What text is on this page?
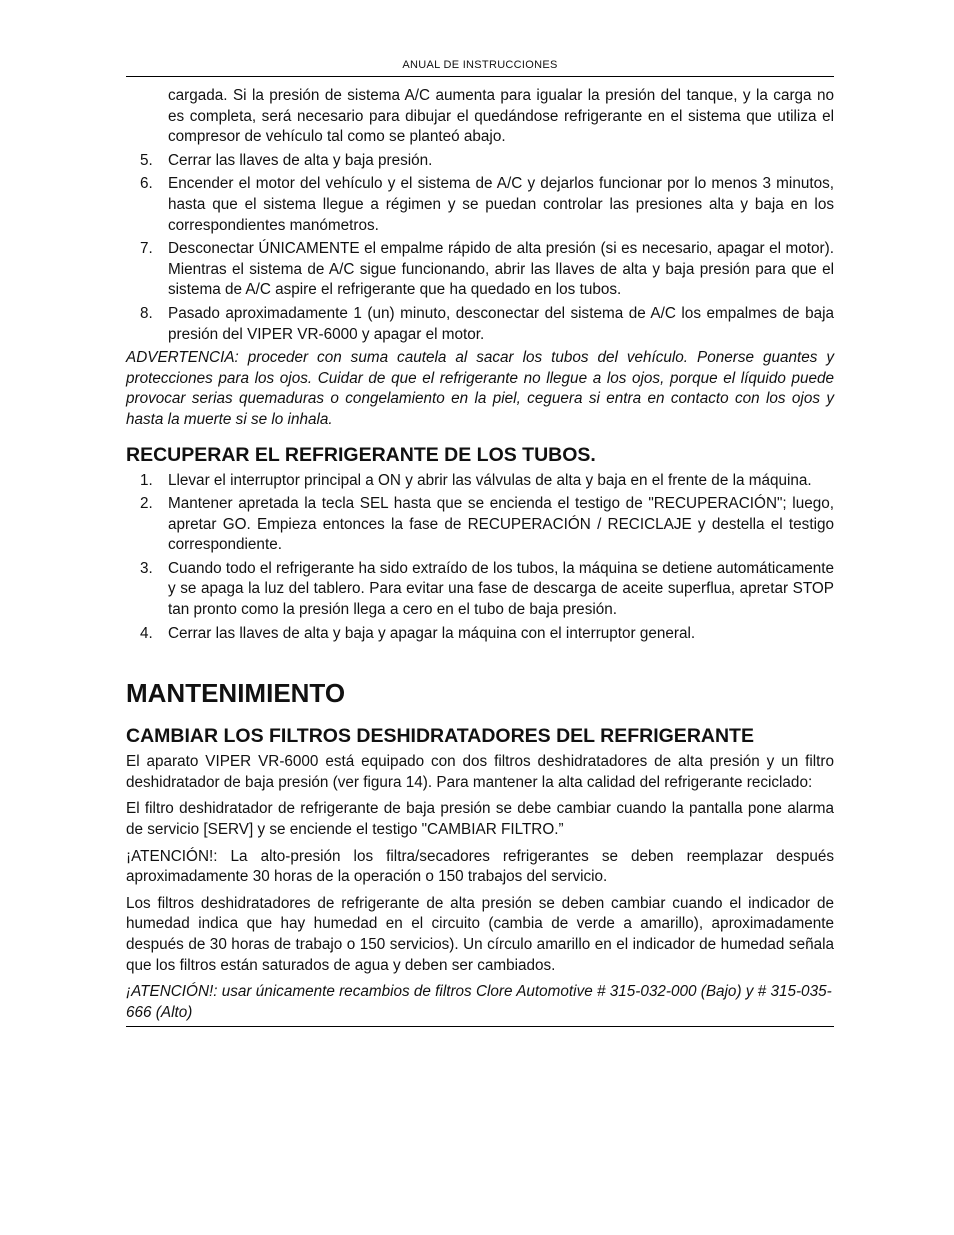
ANUAL DE INSTRUCCIONES
cargada. Si la presión de sistema A/C aumenta para igualar la presión del tanque, y la carga no es completa, será necesario para dibujar el quedándose refrigerante en el sistema que utiliza el compresor de vehículo tal como se planteó abajo.
5. Cerrar las llaves de alta y baja presión.
6. Encender el motor del vehículo y el sistema de A/C y dejarlos funcionar por lo menos 3 minutos, hasta que el sistema llegue a régimen y se puedan controlar las presiones alta y baja en los correspondientes manómetros.
7. Desconectar ÚNICAMENTE el empalme rápido de alta presión (si es necesario, apagar el motor). Mientras el sistema de A/C sigue funcionando, abrir las llaves de alta y baja presión para que el sistema de A/C aspire el refrigerante que ha quedado en los tubos.
8. Pasado aproximadamente 1 (un) minuto, desconectar del sistema de A/C los empalmes de baja presión del VIPER VR-6000 y apagar el motor.
ADVERTENCIA: proceder con suma cautela al sacar los tubos del vehículo. Ponerse guantes y protecciones para los ojos. Cuidar de que el refrigerante no llegue a los ojos, porque el líquido puede provocar serias quemaduras o congelamiento en la piel, ceguera si entra en contacto con los ojos y hasta la muerte si se lo inhala.
RECUPERAR EL REFRIGERANTE DE LOS TUBOS.
1. Llevar el interruptor principal a ON y abrir las válvulas de alta y baja en el frente de la máquina.
2. Mantener apretada la tecla SEL hasta que se encienda el testigo de "RECUPERACIÓN"; luego, apretar GO. Empieza entonces la fase de RECUPERACIÓN / RECICLAJE y destella el testigo correspondiente.
3. Cuando todo el refrigerante ha sido extraído de los tubos, la máquina se detiene automáticamente y se apaga la luz del tablero. Para evitar una fase de descarga de aceite superflua, apretar STOP tan pronto como la presión llega a cero en el tubo de baja presión.
4. Cerrar las llaves de alta y baja y apagar la máquina con el interruptor general.
MANTENIMIENTO
CAMBIAR LOS FILTROS DESHIDRATADORES DEL REFRIGERANTE

El aparato VIPER VR-6000 está equipado con dos filtros deshidratadores de alta presión y un filtro deshidratador de baja presión (ver figura 14). Para mantener la alta calidad del refrigerante reciclado:

El filtro deshidratador de refrigerante de baja presión se debe cambiar cuando la pantalla pone alarma de servicio [SERV] y se enciende el testigo "CAMBIAR FILTRO.”

¡ATENCIÓN!: La alto-presión los filtra/secadores refrigerantes se deben reemplazar después aproximadamente 30 horas de la operación o 150 trabajos del servicio.

Los filtros deshidratadores de refrigerante de alta presión se deben cambiar cuando el indicador de humedad indica que hay humedad en el circuito (cambia de verde a amarillo), aproximadamente después de 30 horas de trabajo o 150 servicios). Un círculo amarillo en el indicador de humedad señala que los filtros están saturados de agua y deben ser cambiados.

¡ATENCIÓN!: usar únicamente recambios de filtros Clore Automotive # 315-032-000 (Bajo) y # 315-035-666 (Alto)
